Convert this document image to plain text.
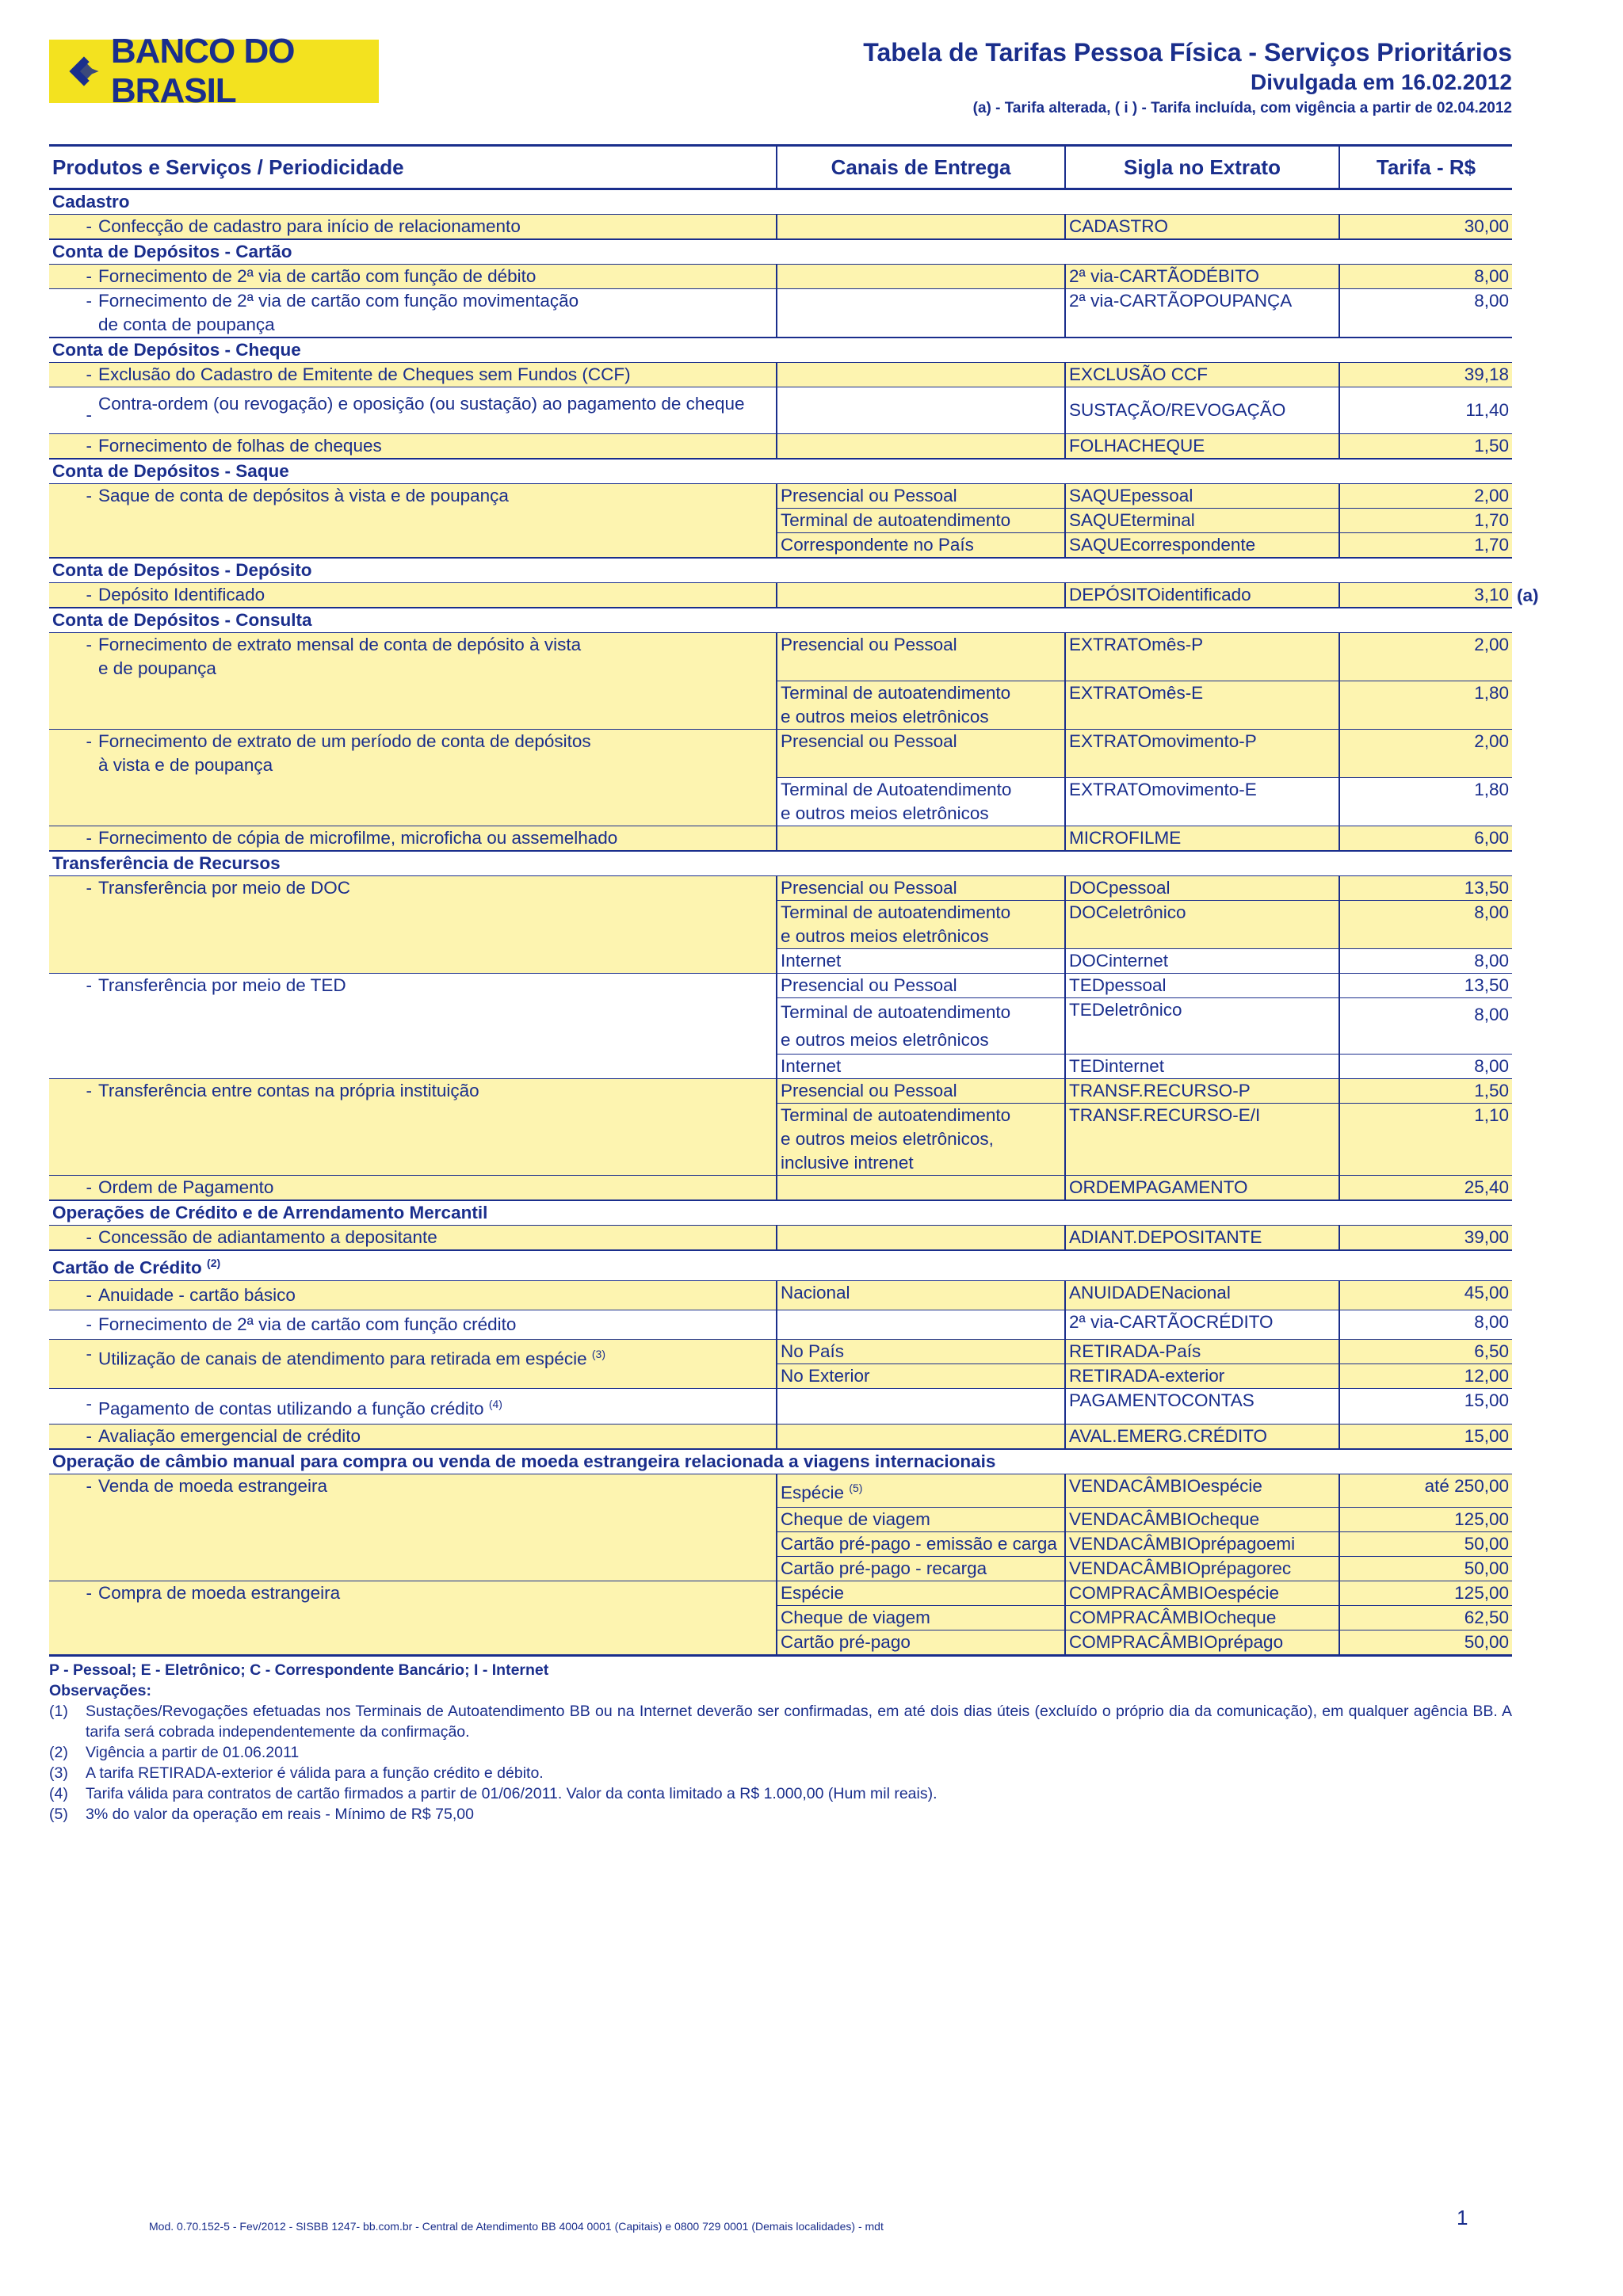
BANCO DO BRASIL
Tabela de Tarifas Pessoa Física - Serviços Prioritários
Divulgada em 16.02.2012
(a) - Tarifa alterada, ( i ) - Tarifa incluída, com vigência a partir de 02.04.2012
Produtos e Serviços / Periodicidade	Canais de Entrega	Sigla no Extrato	Tarifa - R$
Cadastro			

- Confecção de cadastro para início de relacionamento		CADASTRO	30,00
Conta de Depósitos - Cartão			

- Fornecimento de 2ª via de cartão com função de débito		2ª via-CARTÃODÉBITO	8,00

- Fornecimento de 2ª via de cartão com função movimentação
de conta de poupança		2ª via-CARTÃOPOUPANÇA	8,00
Conta de Depósitos - Cheque			

- Exclusão do Cadastro de Emitente de Cheques sem Fundos (CCF)		EXCLUSÃO CCF	39,18

-
Contra-ordem (ou revogação) e oposição (ou sustação) ao pagamento de cheque		SUSTAÇÃO/REVOGAÇÃO	11,40

- Fornecimento de folhas de cheques		FOLHACHEQUE	1,50
Conta de Depósitos - Saque			

- Saque de conta de depósitos à vista e de poupança	Presencial ou Pessoal	SAQUEpessoal	2,00
	Terminal de autoatendimento	SAQUEterminal	1,70
	Correspondente no País	SAQUEcorrespondente	1,70
Conta de Depósitos - Depósito			

- Depósito Identificado		DEPÓSITOidentificado	3,10
Conta de Depósitos - Consulta			

- Fornecimento de extrato mensal de conta de depósito à vista
e de poupança	Presencial ou Pessoal	EXTRATOmês-P	2,00
	Terminal de autoatendimento
e outros meios eletrônicos	EXTRATOmês-E	1,80

- Fornecimento de extrato de um período de conta de depósitos
à vista e de poupança	Presencial ou Pessoal	EXTRATOmovimento-P	2,00
	Terminal de Autoatendimento
e outros meios eletrônicos	EXTRATOmovimento-E	1,80

- Fornecimento de cópia de microfilme, microficha ou assemelhado		MICROFILME	6,00
Transferência de Recursos			

- Transferência por meio de DOC	Presencial ou Pessoal	DOCpessoal	13,50
	Terminal de autoatendimento
e outros meios eletrônicos	DOCeletrônico	8,00
	Internet	DOCinternet	8,00

- Transferência por meio de TED	Presencial ou Pessoal	TEDpessoal	13,50
	Terminal de autoatendimento
e outros meios eletrônicos	TEDeletrônico	8,00
	Internet	TEDinternet	8,00

- Transferência entre contas na própria instituição	Presencial ou Pessoal	TRANSF.RECURSO-P	1,50
	Terminal de autoatendimento
e outros meios eletrônicos,
inclusive intrenet	TRANSF.RECURSO-E/I	1,10

- Ordem de Pagamento		ORDEMPAGAMENTO	25,40
Operações de Crédito e de Arrendamento Mercantil			

- Concessão de adiantamento a depositante		ADIANT.DEPOSITANTE	39,00
Cartão de Crédito $^{(2)}$

- Anuidade - cartão básico	Nacional	ANUIDADENacional	45,00

- Fornecimento de 2ª via de cartão com função crédito		2ª via-CARTÃOCRÉDITO	8,00

- Utilização de canais de atendimento para retirada em espécie $^{(3)}$	No País	RETIRADA-País	6,50
	No Exterior	RETIRADA-exterior	12,00

- Pagamento de contas utilizando a função crédito $^{(4)}$		PAGAMENTOCONTAS	15,00

- Avaliação emergencial de crédito		AVAL.EMERG.CRÉDITO	15,00
Operação de câmbio manual para compra ou venda de moeda estrangeira relacionada a viagens internacionais			

- Venda de moeda estrangeira	Espécie $^{(5)}$	VENDACÂMBIOespécie	até 250,00
	Cheque de viagem	VENDACÂMBIOcheque	125,00
	Cartão pré-pago - emissão e carga	VENDACÂMBIOprépagoemi	50,00
	Cartão pré-pago - recarga	VENDACÂMBIOprépagorec	50,00

- Compra de moeda estrangeira	Espécie	COMPRACÂMBIOespécie	125,00
	Cheque de viagem	COMPRACÂMBIOcheque	62,50
	Cartão pré-pago	COMPRACÂMBIOprépago	50,00
(a)
P - Pessoal; E - Eletrônico; C - Correspondente Bancário; I - Internet
Observações:
(1)	Sustações/Revogações efetuadas nos Terminais de Autoatendimento BB ou na Internet deverão ser confirmadas, em até dois dias úteis (excluído o próprio dia da comunicação), em qualquer agência BB. A tarifa será cobrada independentemente da confirmação.
(2)	Vigência a partir de 01.06.2011
(3)	A tarifa RETIRADA-exterior é válida para a função crédito e débito.
(4)	Tarifa válida para contratos de cartão firmados a partir de 01/06/2011. Valor da conta limitado a R$ 1.000,00 (Hum mil reais).
(5)	3% do valor da operação em reais - Mínimo de R$ 75,00
Mod. 0.70.152-5 - Fev/2012 - SISBB 1247- bb.com.br - Central de Atendimento BB 4004 0001 (Capitais) e 0800 729 0001 (Demais localidades) - mdt	1
